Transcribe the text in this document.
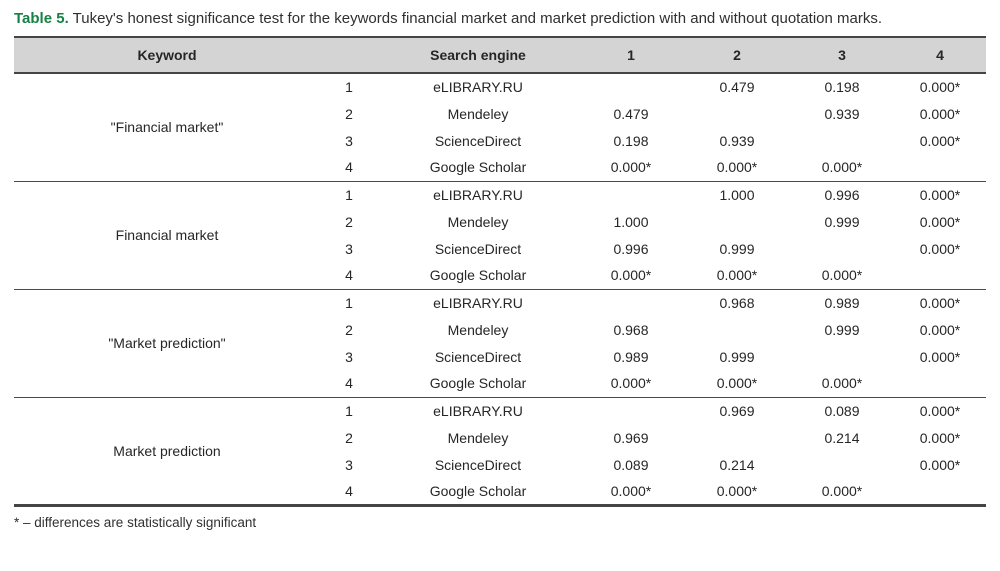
Table 5. Tukey's honest significance test for the keywords financial market and market prediction with and without quotation marks.
Keyword		Search engine	1	2	3	4
"Financial market"	1	eLIBRARY.RU		0.479	0.198	0.000*
	2	Mendeley	0.479		0.939	0.000*
	3	ScienceDirect	0.198	0.939		0.000*
	4	Google Scholar	0.000*	0.000*	0.000*	
Financial market	1	eLIBRARY.RU		1.000	0.996	0.000*
	2	Mendeley	1.000		0.999	0.000*
	3	ScienceDirect	0.996	0.999		0.000*
	4	Google Scholar	0.000*	0.000*	0.000*	
"Market prediction"	1	eLIBRARY.RU		0.968	0.989	0.000*
	2	Mendeley	0.968		0.999	0.000*
	3	ScienceDirect	0.989	0.999		0.000*
	4	Google Scholar	0.000*	0.000*	0.000*	
Market prediction	1	eLIBRARY.RU		0.969	0.089	0.000*
	2	Mendeley	0.969		0.214	0.000*
	3	ScienceDirect	0.089	0.214		0.000*
	4	Google Scholar	0.000*	0.000*	0.000*	
* – differences are statistically significant
